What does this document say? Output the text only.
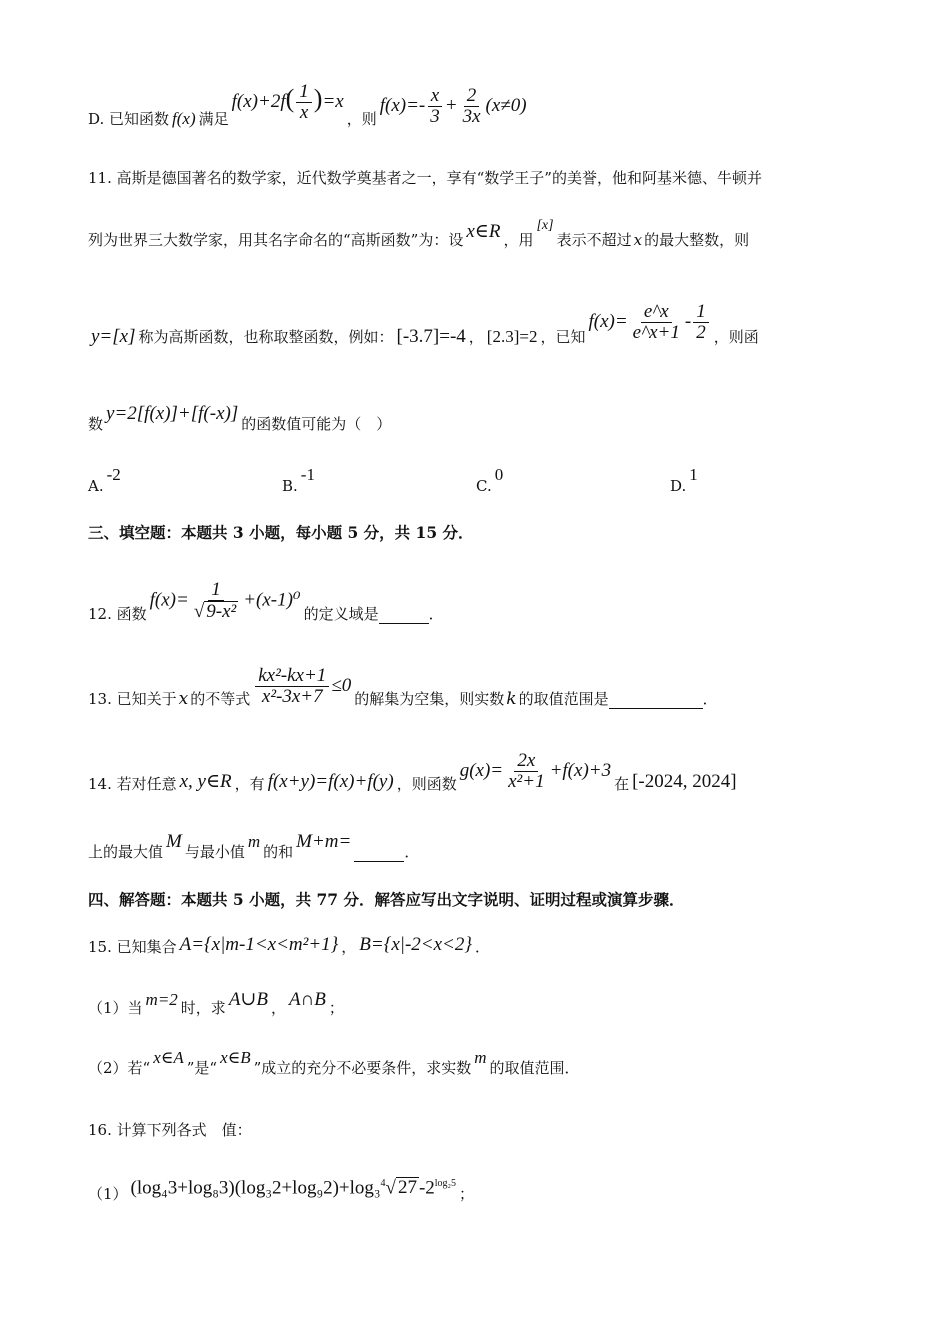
D. 已知函数 f(x) 满足
$f(x)+2f( \frac{1}{x} )=x$
，则
$f(x)=- \frac{x}{3} + \frac{2}{3x} (x\ne 0)$
11. 高斯是德国著名的数学家，近代数学奠基者之一，享有“数学王子”的美誉，他和阿基米德、牛顿并
列为世界三大数学家，用其名字命名的“高斯函数”为：设 x∈R ，用
[x]
表示不超过 x 的最大整数，则
y=[x] 称为高斯函数，也称取整函数，例如： [-3.7]=-4 ， [2.3]=2 ，已知
$f(x)= \frac{e\^{}x}{e\^{}x+1} - \frac{1}{2}$ ，则函
数 y=2[f(x)]+[f(-x)] 的函数值可能为（　）
A.
-2
B.
-1
C.
0
D.
1
三、填空题：本题共 3 小题，每小题 5 分，共 15 分．
12. 函数
$f(x)= \frac{1}{\text{√ 9-x²}} +(x-1)^0$
的定义域是	．
13. 已知关于 x 的不等式 $\frac{\text{kx²-kx+1}}{\text{x²-3x+7}} \le 0$
的解集为空集，则实数 k 的取值范围是	．
14. 若对任意 x, y∈R ，有 f(x+y)=f(x)+f(y) ，则函数
$g(x)= \frac{2x}{\text{x²+1}} +f(x)+3$
在 [-2024, 2024]
上的最大值 M 与最小值
m
的和 M+m=	．
四、解答题：本题共 5 小题，共 77 分．解答应写出文字说明、证明过程或演算步骤．
15. 已知集合 A={x|m-1<x<m²+1} ， B={x|-2<x<2} ．
（1）当 m=2 时，求 A∪B ， A∩B ；
（2）若“
x∈A
”是“
x∈B
”成立的充分不必要条件，求实数
m
的取值范围．
16. 计算下列各式　值：
（1） (log₄3+log₈3)(log₃2+log₉2)+log₃$^4$√ 27 $-2^{log_25}$
；
